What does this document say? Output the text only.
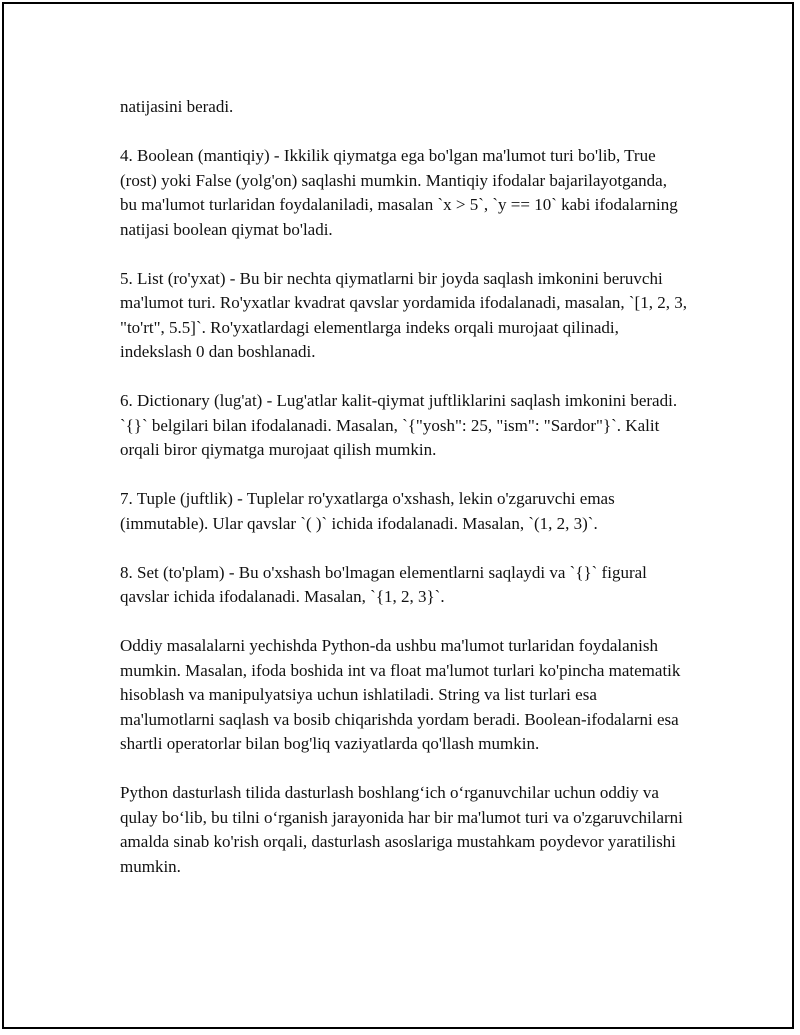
natijasini beradi.

4. Boolean (mantiqiy) - Ikkilik qiymatga ega bo'lgan ma'lumot turi bo'lib, True (rost) yoki False (yolg'on) saqlashi mumkin. Mantiqiy ifodalar bajarilayotganda, bu ma'lumot turlaridan foydalaniladi, masalan `x > 5`, `y == 10` kabi ifodalarning natijasi boolean qiymat bo'ladi.

5. List (ro'yxat) - Bu bir nechta qiymatlarni bir joyda saqlash imkonini beruvchi ma'lumot turi. Ro'yxatlar kvadrat qavslar yordamida ifodalanadi, masalan, `[1, 2, 3, "to'rt", 5.5]`. Ro'yxatlardagi elementlarga indeks orqali murojaat qilinadi, indekslash 0 dan boshlanadi.

6. Dictionary (lug'at) - Lug'atlar kalit-qiymat juftliklarini saqlash imkonini beradi. `{}` belgilari bilan ifodalanadi. Masalan, `{"yosh": 25, "ism": "Sardor"}`. Kalit orqali biror qiymatga murojaat qilish mumkin.

7. Tuple (juftlik) - Tuplelar ro'yxatlarga o'xshash, lekin o'zgaruvchi emas (immutable). Ular qavslar `( )` ichida ifodalanadi. Masalan, `(1, 2, 3)`.

8. Set (to'plam) - Bu o'xshash bo'lmagan elementlarni saqlaydi va `{}` figural qavslar ichida ifodalanadi. Masalan, `{1, 2, 3}`.

Oddiy masalalarni yechishda Python-da ushbu ma'lumot turlaridan foydalanish mumkin. Masalan, ifoda boshida int va float ma'lumot turlari ko'pincha matematik hisoblash va manipulyatsiya uchun ishlatiladi. String va list turlari esa ma'lumotlarni saqlash va bosib chiqarishda yordam beradi. Boolean-ifodalarni esa shartli operatorlar bilan bog'liq vaziyatlarda qo'llash mumkin.

Python dasturlash tilida dasturlash boshlang‘ich o‘rganuvchilar uchun oddiy va qulay bo‘lib, bu tilni o‘rganish jarayonida har bir ma'lumot turi va o'zgaruvchilarni amalda sinab ko'rish orqali, dasturlash asoslariga mustahkam poydevor yaratilishi mumkin.
